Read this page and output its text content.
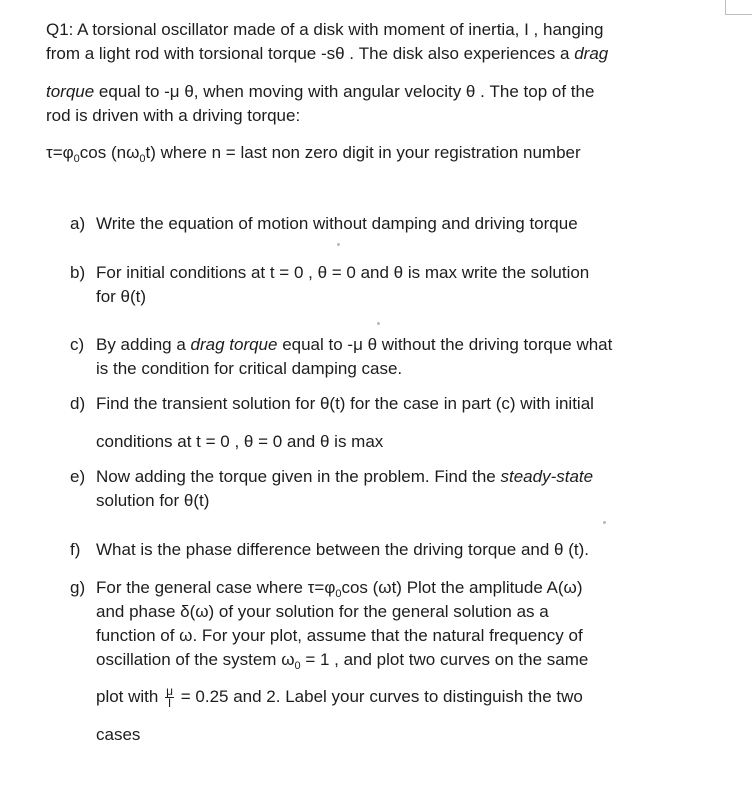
Q1: A torsional oscillator made of a disk with moment of inertia, I , hanging
from a light rod with torsional torque -sθ . The disk also experiences a drag
torque equal to -μ θ, when moving with angular velocity θ . The top of the
rod is driven with a driving torque:
$\tau=\varphi_0\cos$ $(n\omega_0t)$ where n = last non zero digit in your registration number
a) Write the equation of motion without damping and driving torque
b) For initial conditions at t = 0 , θ = 0 and θ is max write the solution
for θ(t)
c) By adding a drag torque equal to -μ θ without the driving torque what
is the condition for critical damping case.
d) Find the transient solution for θ(t) for the case in part (c) with initial
conditions at t = 0 , θ = 0 and θ is max
e) Now adding the torque given in the problem. Find the steady-state
solution for θ(t)
f) What is the phase difference between the driving torque and θ (t).
g) For the general case where $\tau=\varphi_0\cos$ (ωt) Plot the amplitude A(ω)
and phase δ(ω) of your solution for the general solution as a
function of ω. For your plot, assume that the natural frequency of
oscillation of the system $\omega_0 = 1$ , and plot two curves on the same
plot with $\frac{\mu}{I} = 0.25$ and 2. Label your curves to distinguish the two
cases
